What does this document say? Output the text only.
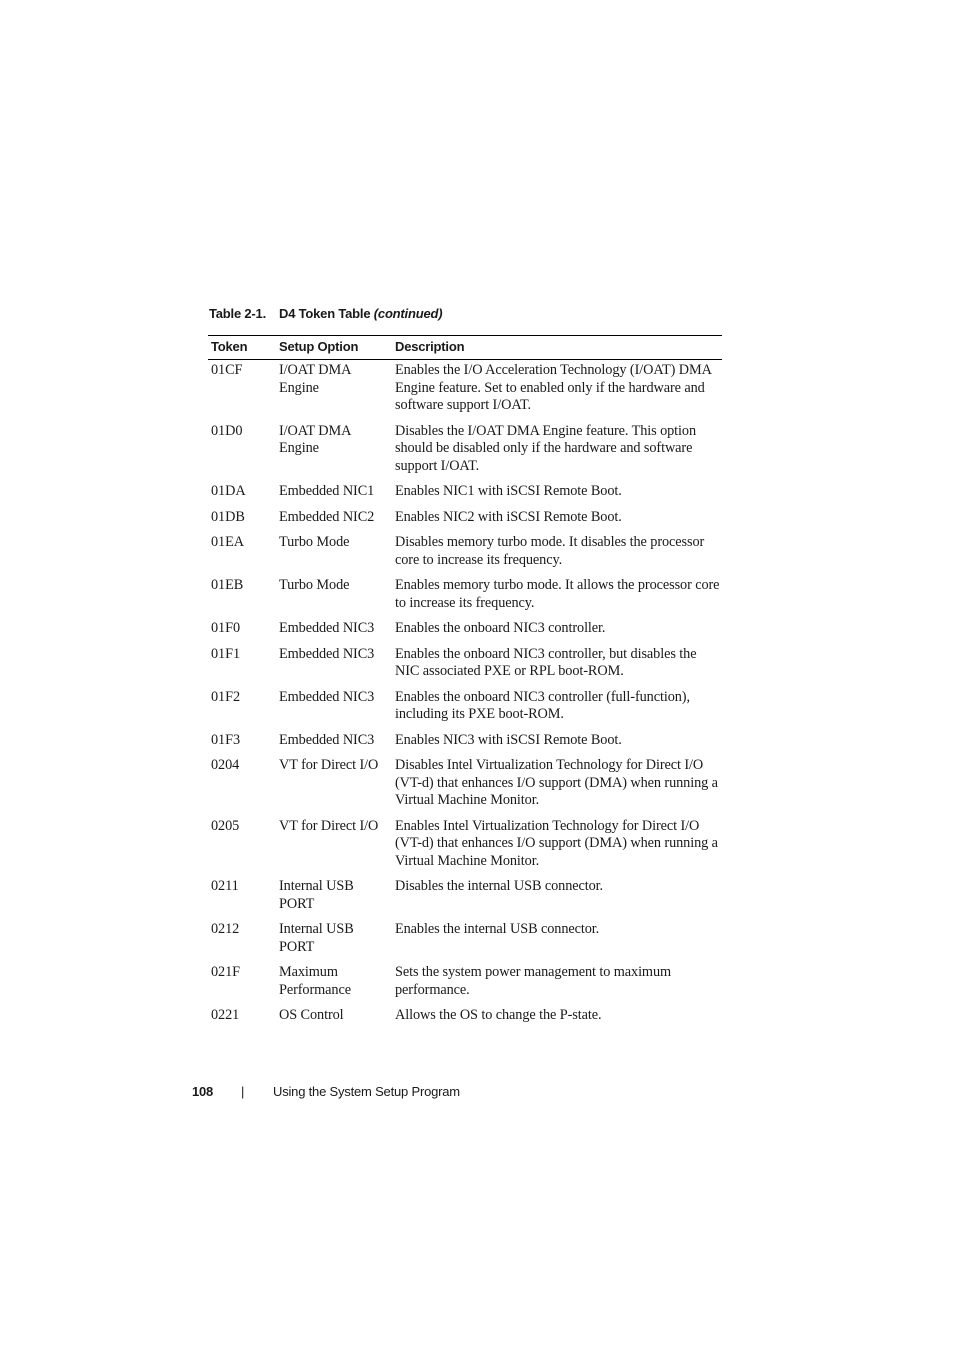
Table 2-1. D4 Token Table (continued)
Token	Setup Option	Description
01CF	I/OAT DMA Engine	Enables the I/O Acceleration Technology (I/OAT) DMA Engine feature. Set to enabled only if the hardware and software support I/OAT.
01D0	I/OAT DMA Engine	Disables the I/OAT DMA Engine feature. This option should be disabled only if the hardware and software support I/OAT.
01DA	Embedded NIC1	Enables NIC1 with iSCSI Remote Boot.
01DB	Embedded NIC2	Enables NIC2 with iSCSI Remote Boot.
01EA	Turbo Mode	Disables memory turbo mode. It disables the processor core to increase its frequency.
01EB	Turbo Mode	Enables memory turbo mode. It allows the processor core to increase its frequency.
01F0	Embedded NIC3	Enables the onboard NIC3 controller.
01F1	Embedded NIC3	Enables the onboard NIC3 controller, but disables the NIC associated PXE or RPL boot-ROM.
01F2	Embedded NIC3	Enables the onboard NIC3 controller (full-function), including its PXE boot-ROM.
01F3	Embedded NIC3	Enables NIC3 with iSCSI Remote Boot.
0204	VT for Direct I/O	Disables Intel Virtualization Technology for Direct I/O (VT-d) that enhances I/O support (DMA) when running a Virtual Machine Monitor.
0205	VT for Direct I/O	Enables Intel Virtualization Technology for Direct I/O (VT-d) that enhances I/O support (DMA) when running a Virtual Machine Monitor.
0211	Internal USB PORT	Disables the internal USB connector.
0212	Internal USB PORT	Enables the internal USB connector.
021F	Maximum Performance	Sets the system power management to maximum performance.
0221	OS Control	Allows the OS to change the P-state.
108 | Using the System Setup Program
